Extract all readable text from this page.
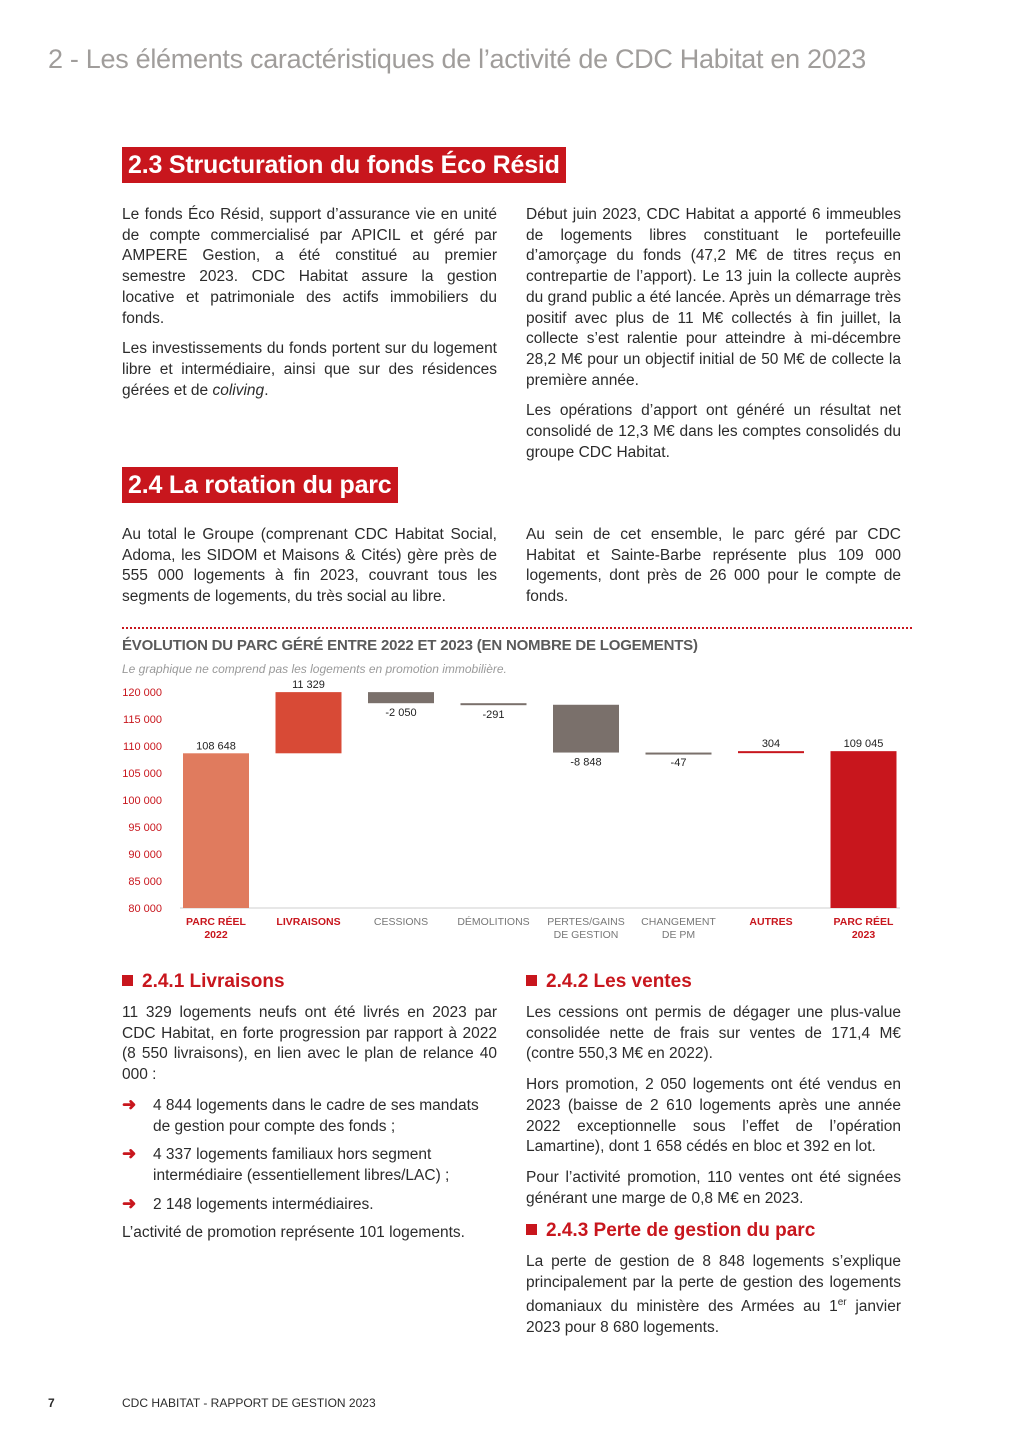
2 - Les éléments caractéristiques de l’activité de CDC Habitat en 2023
2.3 Structuration du fonds Éco Résid

Le fonds Éco Résid, support d’assurance vie en unité de compte commercialisé par APICIL et géré par AMPERE Gestion, a été constitué au premier semestre 2023. CDC Habitat assure la gestion locative et patrimoniale des actifs immobiliers du fonds.

Les investissements du fonds portent sur du logement libre et intermédiaire, ainsi que sur des résidences gérées et de coliving.

Début juin 2023, CDC Habitat a apporté 6 immeubles de logements libres constituant le portefeuille d’amorçage du fonds (47,2 M€ de titres reçus en contrepartie de l’apport). Le 13 juin la collecte auprès du grand public a été lancée. Après un démarrage très positif avec plus de 11 M€ collectés à fin juillet, la collecte s’est ralentie pour atteindre à mi-décembre 28,2 M€ pour un objectif initial de 50 M€ de collecte la première année.

Les opérations d’apport ont généré un résultat net consolidé de 12,3 M€ dans les comptes consolidés du groupe CDC Habitat.

2.4 La rotation du parc

Au total le Groupe (comprenant CDC Habitat Social, Adoma, les SIDOM et Maisons & Cités) gère près de 555 000 logements à fin 2023, couvrant tous les segments de logements, du très social au libre.

Au sein de cet ensemble, le parc géré par CDC Habitat et Sainte-Barbe représente plus 109 000 logements, dont près de 26 000 pour le compte de fonds.

ÉVOLUTION DU PARC GÉRÉ ENTRE 2022 ET 2023 (EN NOMBRE DE LOGEMENTS)
Le graphique ne comprend pas les logements en promotion immobilière.
80 000
85 000
90 000
95 000
100 000
105 000
110 000
115 000
120 000
108 648
PARC RÉEL
2022
11 329
LIVRAISONS
-2 050
CESSIONS
-291
DÉMOLITIONS
-8 848
PERTES/GAINS
DE GESTION
-47
CHANGEMENT
DE PM
304
AUTRES
109 045
PARC RÉEL
2023
2.4.1 Livraisons

11 329 logements neufs ont été livrés en 2023 par CDC Habitat, en forte progression par rapport à 2022 (8 550 livraisons), en lien avec le plan de relance 40 000 :

➜ 4 844 logements dans le cadre de ses mandats de gestion pour compte des fonds ;
➜ 4 337 logements familiaux hors segment intermédiaire (essentiellement libres/LAC) ;
➜ 2 148 logements intermédiaires.

L’activité de promotion représente 101 logements.

2.4.2 Les ventes

Les cessions ont permis de dégager une plus-value consolidée nette de frais sur ventes de 171,4 M€ (contre 550,3 M€ en 2022).

Hors promotion, 2 050 logements ont été vendus en 2023 (baisse de 2 610 logements après une année 2022 exceptionnelle sous l’effet de l’opération Lamartine), dont 1 658 cédés en bloc et 392 en lot.

Pour l’activité promotion, 110 ventes ont été signées générant une marge de 0,8 M€ en 2023.

2.4.3 Perte de gestion du parc

La perte de gestion de 8 848 logements s’explique principalement par la perte de gestion des logements domaniaux du ministère des Armées au 1er janvier 2023 pour 8 680 logements.

7	CDC HABITAT - RAPPORT DE GESTION 2023
